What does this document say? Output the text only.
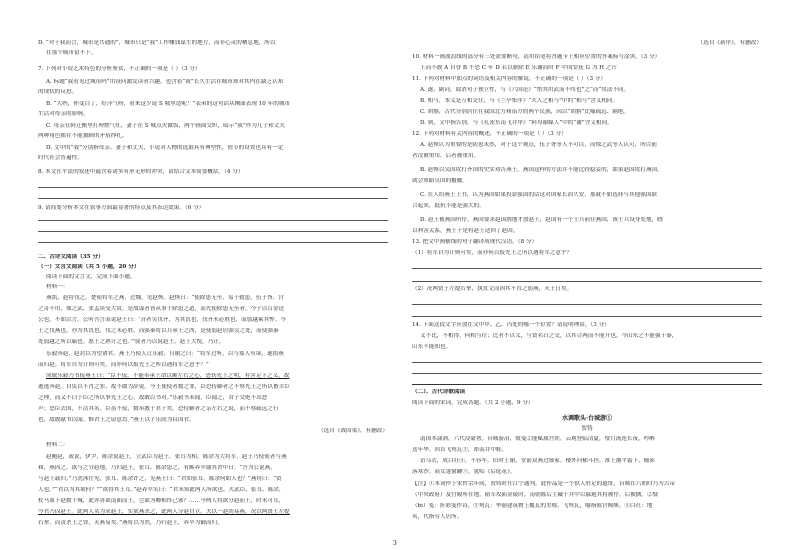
D. “对于我而言，城市是共通的”，城市只是“我”工作赚钱谋生的地方，而非心灵的栖息地，所以
在那个城市留不下。
7. 下列对小说艺术特色的分析鉴赏，不正确的一项是（ ）（3 分）
A. 标题“我看见过城市吗”用设问激发读者兴趣，也含着“我”长久生活在城市却对其内在缺乏认知
的现状的反思。
B. “大妈，你变白了，好洋气呀，看来这少说 S 城里造呢！”表弟的这句话从侧面表现 10 年的城市
生活对母亲的影响。
C. 母亲在阿迁搬里打理燃气灶，妻子在 S 城点火做饭，两个画面交织，暗示“我”作为儿子和丈夫
两种角色都在不能兼顾的矛盾挣扎。
D. 文中的“我”分别指母亲、妻子和丈夫，小说对人物的选取具有典型性，情节的设置也具有一定
时代社会普遍性。
8. 本文在平淡的叙述中蕴含着诸多有形无形的冲突，请结合文本简要概括。（4 分）
9. 请简要分析本文在叙事方面最显著的特点及其表达效果。（6 分）
二、古诗文阅读（35 分）
（一）文言文阅读（共 5 小题，20 分）
阅读下面的文言文，完成下面小题。
材料一：
燕凯，赵将伐之。楚使将军之燕，过魏，见赵恢。赵恢曰：“使除患无至，易于救患。伍子胥、宫
之奇不用，烛之武、张孟谈受大赏。是故谋者皆从事于除患之道，而先使除患无至者。今子以百金送
公也，不如以言。公听吾言而说赵王曰：‘昔者吴伐齐，为其饥也，伐齐未必胜也，而弱越乘其弊。今
王之伐燕也，亦为其饥也，伐之未必胜，而强秦将以兵承王之西，是使弱赵居强吴之处，而使强秦
处弱越之所以霸也。愿王之熟计之也。’”使者乃以说赵王，赵王大悦，乃止。
乐毅奔赵，赵封以为望诸君。燕王乃使人让乐毅，且谢之曰：“将军过听，以与寡人有郤，遂捐燕
而归赵。将军自为计则可矣，而亦何以报先王之所以遇将军之意乎？”
成敏乐毅乃书报燕王曰：“臣不佞，不能奉承王命以顺左右之心，恐伤先王之明，有害足下之义，故
遁逃奔赵。自负以不肖之罪，故不敢为辞说。今王使使者数之罪，臣恐侍御者之不察先王之所以畜幸臣
之理，而又不白于臣之所以事先王之心，故敢以书对。”乐毅书未闻，臣闻之，君子交绝不出恶
声；忠臣去国，不洁其名。臣虽不佞，数奉教于君子矣。恐侍御者之亲左右之说，而不察疏远之行
也，故敢献书以闻。惟君王之留意焉。”燕王以子乐间为昌国君。
（选自《战国策》，有删改）
材料二：
赵鲍赵，或说，伊尹，陈余说赵王，立武臣为赵王。张耳为相，陈余为大将军，赵王乃使使者与燕
和，燕因之，欲与之分赵地。乃归赵王，张耳、陈余患之，有厮养卒谢其舍中曰：“吾为公说燕，
与赵王载归。”乃洗沐往见，张耳、陈余许之，见燕王曰：“君知张耳，陈余何如人也？”燕将曰：“贤
人也。”“君以为其欲何？”“欲得其王耳。”赵养卒笑曰：“君未知此两人所欲也。夫武臣、张耳、陈余，
杖马箠下赵数十城，此亦各欲南面而王，岂欲为卿相终己邪？……今两人将欲分赵而王，时未可耳，
今君乃囚赵王。此两人名为求赵王，实欲燕杀之，此两人分赵自立。夫以一赵尚易燕，况以两贤王左提
右挈，而责杀王之罪，灭燕易矣。”燕将以为然，乃归赵王，养卒为御而归。
（选自《新序》，有删改）
10. 材料一画波浪线的部分有三处需要断句，请用铅笔将答题卡上相应位置的答案标号涂黑。（3 分）
王而不敢 A 自替 B 不恐 C 年 D 若以驱除 E 乐谢而时 F 中国安抚 G 为 H 之计
11. 下列对材料中加点的词语及相关内容的解说，不正确的一项是（ ）（3 分）
A. 遂，副词，取消句子独立性，与《六国论》“惜其用武而不终也”之“而”用法不同。
B. 相与，本义是互相交往，与《兰亭集序》“夫人之相与”中的“相与”含义相同。
C. 胡貉，古代分别居住在我国北方和南方的两个民族，因以“胡貉”比喻疏远、隔绝。
D. 则，文中指告别，与《孔雀东南飞并序》“阿母谢媒人”中的“谢”含义相同。
12. 下列对材料有关内容的概述，不正确的一项是（ ）（3 分）
A. 赵恢认为重要的是防患未然，对于这个观点，伍子胥等人不可以，而烛之武等人认可，所以前
者没被重用，后者被重用。
B. 赵恢以吴国攻打齐国的史实劝告燕王，燕国这样的方法并不能比较稳妥的，如果赵国攻打燕国，
就会重蹈吴国的覆辙。
C. 在人给燕王上书，认为燕国如果投靠强国的话这对国家长治久安，那就不如选择与其他强国联
合起来，抵抗不能是强大的。
D. 赵王被燕国所俘，燕国要求赵国割地才放赵王，赵国有一个士兵前往燕国，该士兵设身处地，晓
以利害关系，燕王于是将赵王送回了赵国。
13. 把文中画横线的句子翻译成现代汉语。（8 分）
（1）将军自为计则可矣，而亦何以报先王之所以遇将军之意乎？
（2）况两贤王左提右挈，执直文而因其不直之弱燕，灭王日矣。
14. 下面这段文字应放在文中甲、乙、丙处的哪一个位置？请说明理由。（3 分）
义不比，不相得，何相与往；比者不以义，与贤名曰之交，以其合两而不能开也。今山东之不能强于秦，
山东不能知也。
（二）、古代诗歌阅读
阅读下面的宋词，完成各题。（共 2 小题，9 分）
水调歌头·台城游①
贺铸
南国本潇洒，六代浸豪奢。台城游冶，襞笺②能赋属宫娃。云观登临清夏，璧月流连长夜，吟醉
送年华。回首飞鸳瓦③，却羡井中蛙。
访乌衣，成白社④，不容车。旧时王谢，堂前双燕过谁家。楼外河横斗挂，淮上潮平霜下，樯影
落寒沙。商女篷窗罅⑤，犹唱《后庭花》。
【注】①本词作于宋哲宗年间，贺铸时任江宁通判。此作品是一个供人驻足的遗址，台城在六朝时乃为古帝
（中央政府）及宫殿所在地。隋军攻陷金陵时，南朝陈后主藏于井中以躲避其将被俘，后被擒。②襞
（bì）笺：折彩笺作诗。③鸳瓦：华丽建筑物上覆瓦的美称。飞鸳瓦，喻指陈宫倾颓。④白社：地
名，代指穷人居所。
3
